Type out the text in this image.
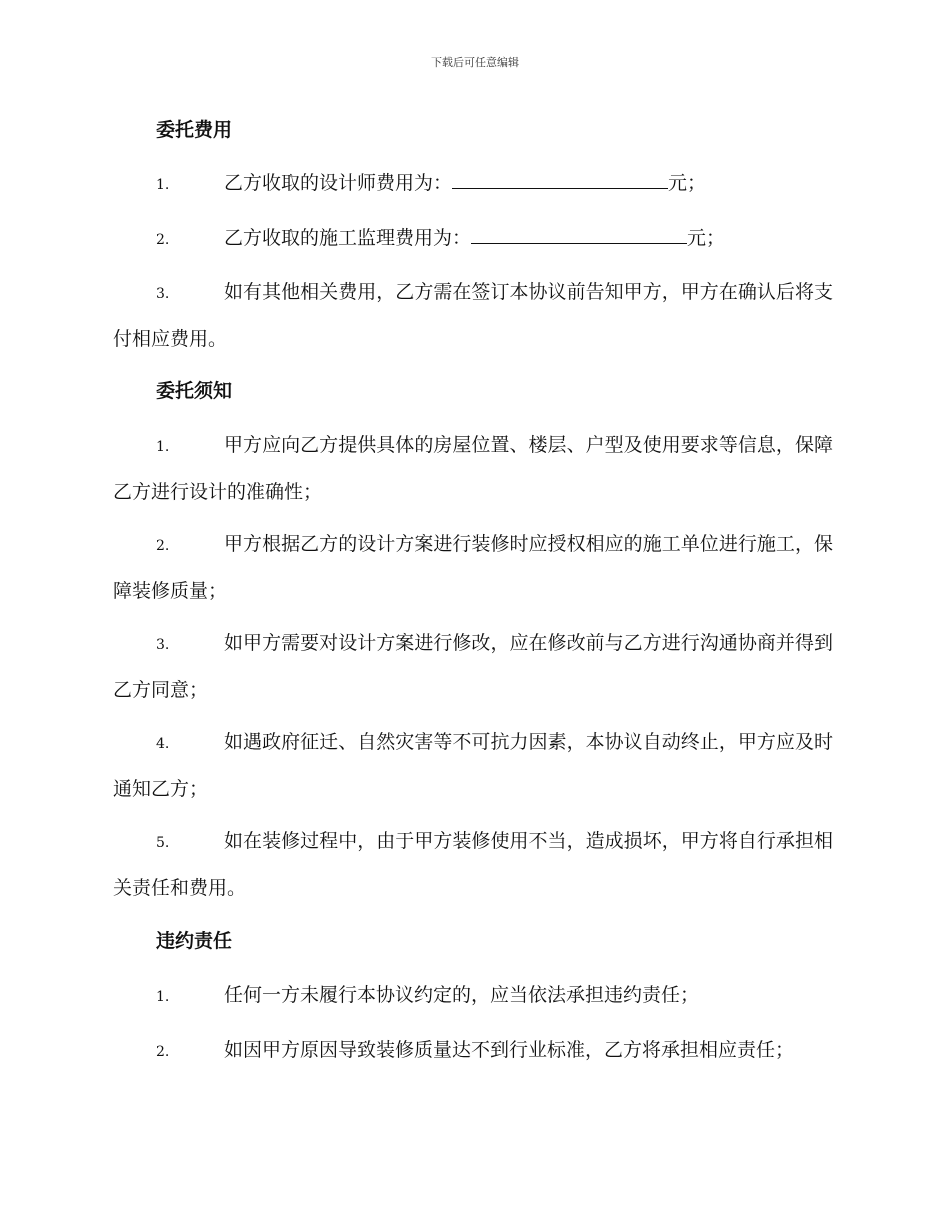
下载后可任意编辑
委托费用
1.	乙方收取的设计师费用为：	元；
2.	乙方收取的施工监理费用为：	元；
3.	如有其他相关费用，乙方需在签订本协议前告知甲方，甲方在确认后将支付相应费用。
委托须知
1.	甲方应向乙方提供具体的房屋位置、楼层、户型及使用要求等信息，保障乙方进行设计的准确性；
2.	甲方根据乙方的设计方案进行装修时应授权相应的施工单位进行施工，保障装修质量；
3.	如甲方需要对设计方案进行修改，应在修改前与乙方进行沟通协商并得到乙方同意；
4.	如遇政府征迁、自然灾害等不可抗力因素，本协议自动终止，甲方应及时通知乙方；
5.	如在装修过程中，由于甲方装修使用不当，造成损坏，甲方将自行承担相关责任和费用。
违约责任
1.	任何一方未履行本协议约定的，应当依法承担违约责任；
2.	如因甲方原因导致装修质量达不到行业标准，乙方将承担相应责任；
